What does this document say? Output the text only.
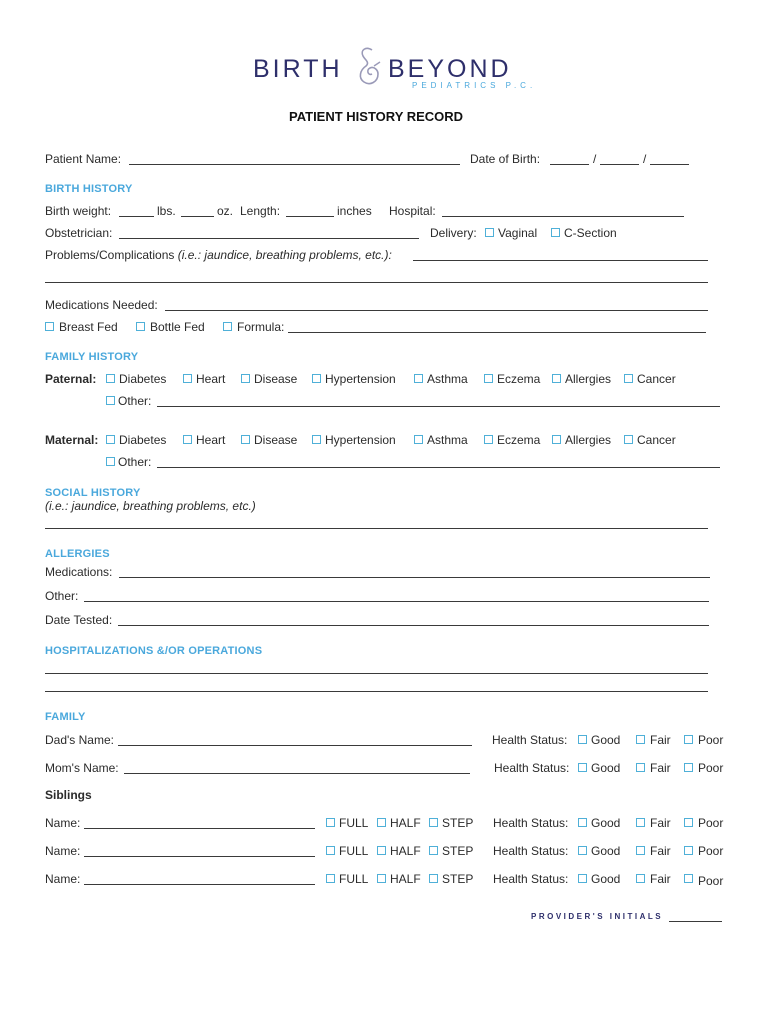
BIRTH BEYOND
PEDIATRICS P.C.
PATIENT HISTORY RECORD
Patient Name:	Date of Birth:	/	/
BIRTH HISTORY
Birth weight:	lbs.	oz. Length:	inches Hospital:
Obstetrician:	Delivery: Vaginal C-Section
Problems/Complications (i.e.: jaundice, breathing problems, etc.):
Medications Needed:
Breast Fed	Bottle Fed	Formula:
FAMILY HISTORY
Paternal: Diabetes Heart Disease Hypertension	Asthma Eczema Allergies Cancer
Other:
Maternal: Diabetes Heart Disease Hypertension	Asthma Eczema Allergies Cancer
Other:
SOCIAL HISTORY
(i.e.: jaundice, breathing problems, etc.)
ALLERGIES
Medications:
Other:
Date Tested:
HOSPITALIZATIONS &/OR OPERATIONS
FAMILY
Dad's Name:	Health Status: Good Fair Poor
Mom's Name:	Health Status: Good Fair Poor
Siblings
Name:	FULL HALF STEP Health Status: Good Fair Poor
Name:	FULL HALF STEP Health Status: Good Fair Poor
Name:	FULL HALF STEP Health Status: Good Fair Poor
PROVIDER'S INITIALS
